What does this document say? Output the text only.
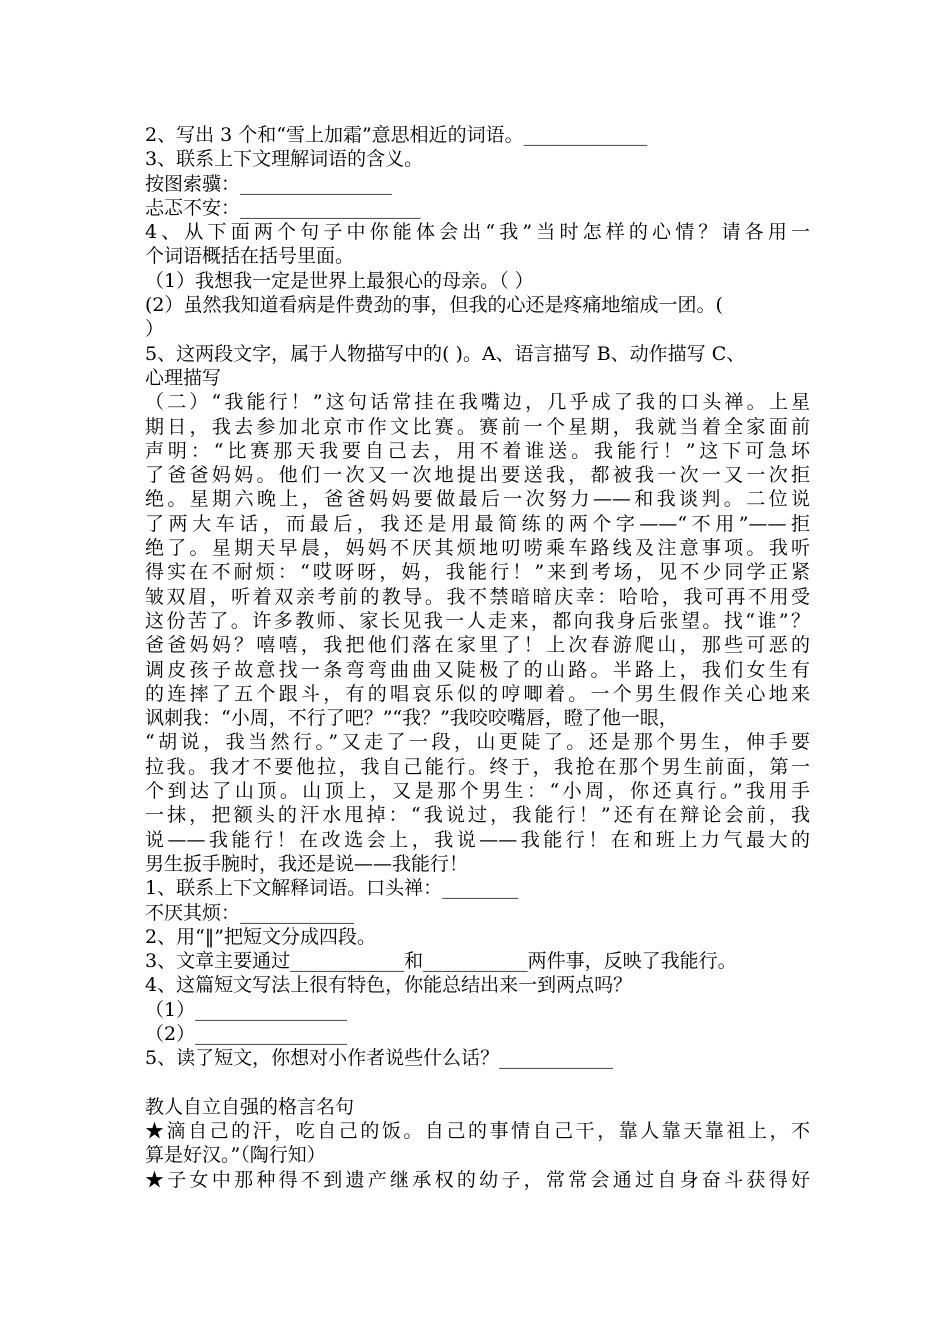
2、写出 3 个和“雪上加霜”意思相近的词语。_____________
3、联系上下文理解词语的含义。
按图索骥：________________
忐忑不安：___________________
4、从下面两个句子中你能体会出“我”当时怎样的心情？请各用一
个词语概括在括号里面。
（1）我想我一定是世界上最狠心的母亲。（ ）
(2）虽然我知道看病是件费劲的事，但我的心还是疼痛地缩成一团。(
）
5、这两段文字，属于人物描写中的( )。A、语言描写 B、动作描写 C、
心理描写
（二）“我能行！”这句话常挂在我嘴边，几乎成了我的口头禅。上星
期日，我去参加北京市作文比赛。赛前一个星期，我就当着全家面前
声明：“比赛那天我要自己去，用不着谁送。我能行！”这下可急坏
了爸爸妈妈。他们一次又一次地提出要送我，都被我一次一又一次拒
绝。星期六晚上，爸爸妈妈要做最后一次努力——和我谈判。二位说
了两大车话，而最后，我还是用最简练的两个字——“不用”——拒
绝了。星期天早晨，妈妈不厌其烦地叨唠乘车路线及注意事项。我听
得实在不耐烦：“哎呀呀，妈，我能行！”来到考场，见不少同学正紧
皱双眉，听着双亲考前的教导。我不禁暗暗庆幸：哈哈，我可再不用受
这份苦了。许多教师、家长见我一人走来，都向我身后张望。找“谁”？
爸爸妈妈？嘻嘻，我把他们落在家里了！上次春游爬山，那些可恶的
调皮孩子故意找一条弯弯曲曲又陡极了的山路。半路上，我们女生有
的连摔了五个跟斗，有的唱哀乐似的哼唧着。一个男生假作关心地来
讽刺我：“小周，不行了吧？”“我？”我咬咬嘴唇，瞪了他一眼，
“胡说，我当然行。”又走了一段，山更陡了。还是那个男生，伸手要
拉我。我才不要他拉，我自己能行。终于，我抢在那个男生前面，第一
个到达了山顶。山顶上，又是那个男生：“小周，你还真行。”我用手
一抹，把额头的汗水甩掉：“我说过，我能行！”还有在辩论会前，我
说——我能行！在改选会上，我说——我能行！在和班上力气最大的
男生扳手腕时，我还是说——我能行！
1、联系上下文解释词语。口头禅：________
不厌其烦：____________
2、用“‖”把短文分成四段。
3、文章主要通过____________和___________两件事，反映了我能行。
4、这篇短文写法上很有特色，你能总结出来一到两点吗？
（1）________________
（2）________________
5、读了短文，你想对小作者说些什么话？____________
教人自立自强的格言名句
★滴自己的汗，吃自己的饭。自己的事情自己干，靠人靠天靠祖上，不
算是好汉。”（陶行知）
★子女中那种得不到遗产继承权的幼子，常常会通过自身奋斗获得好
